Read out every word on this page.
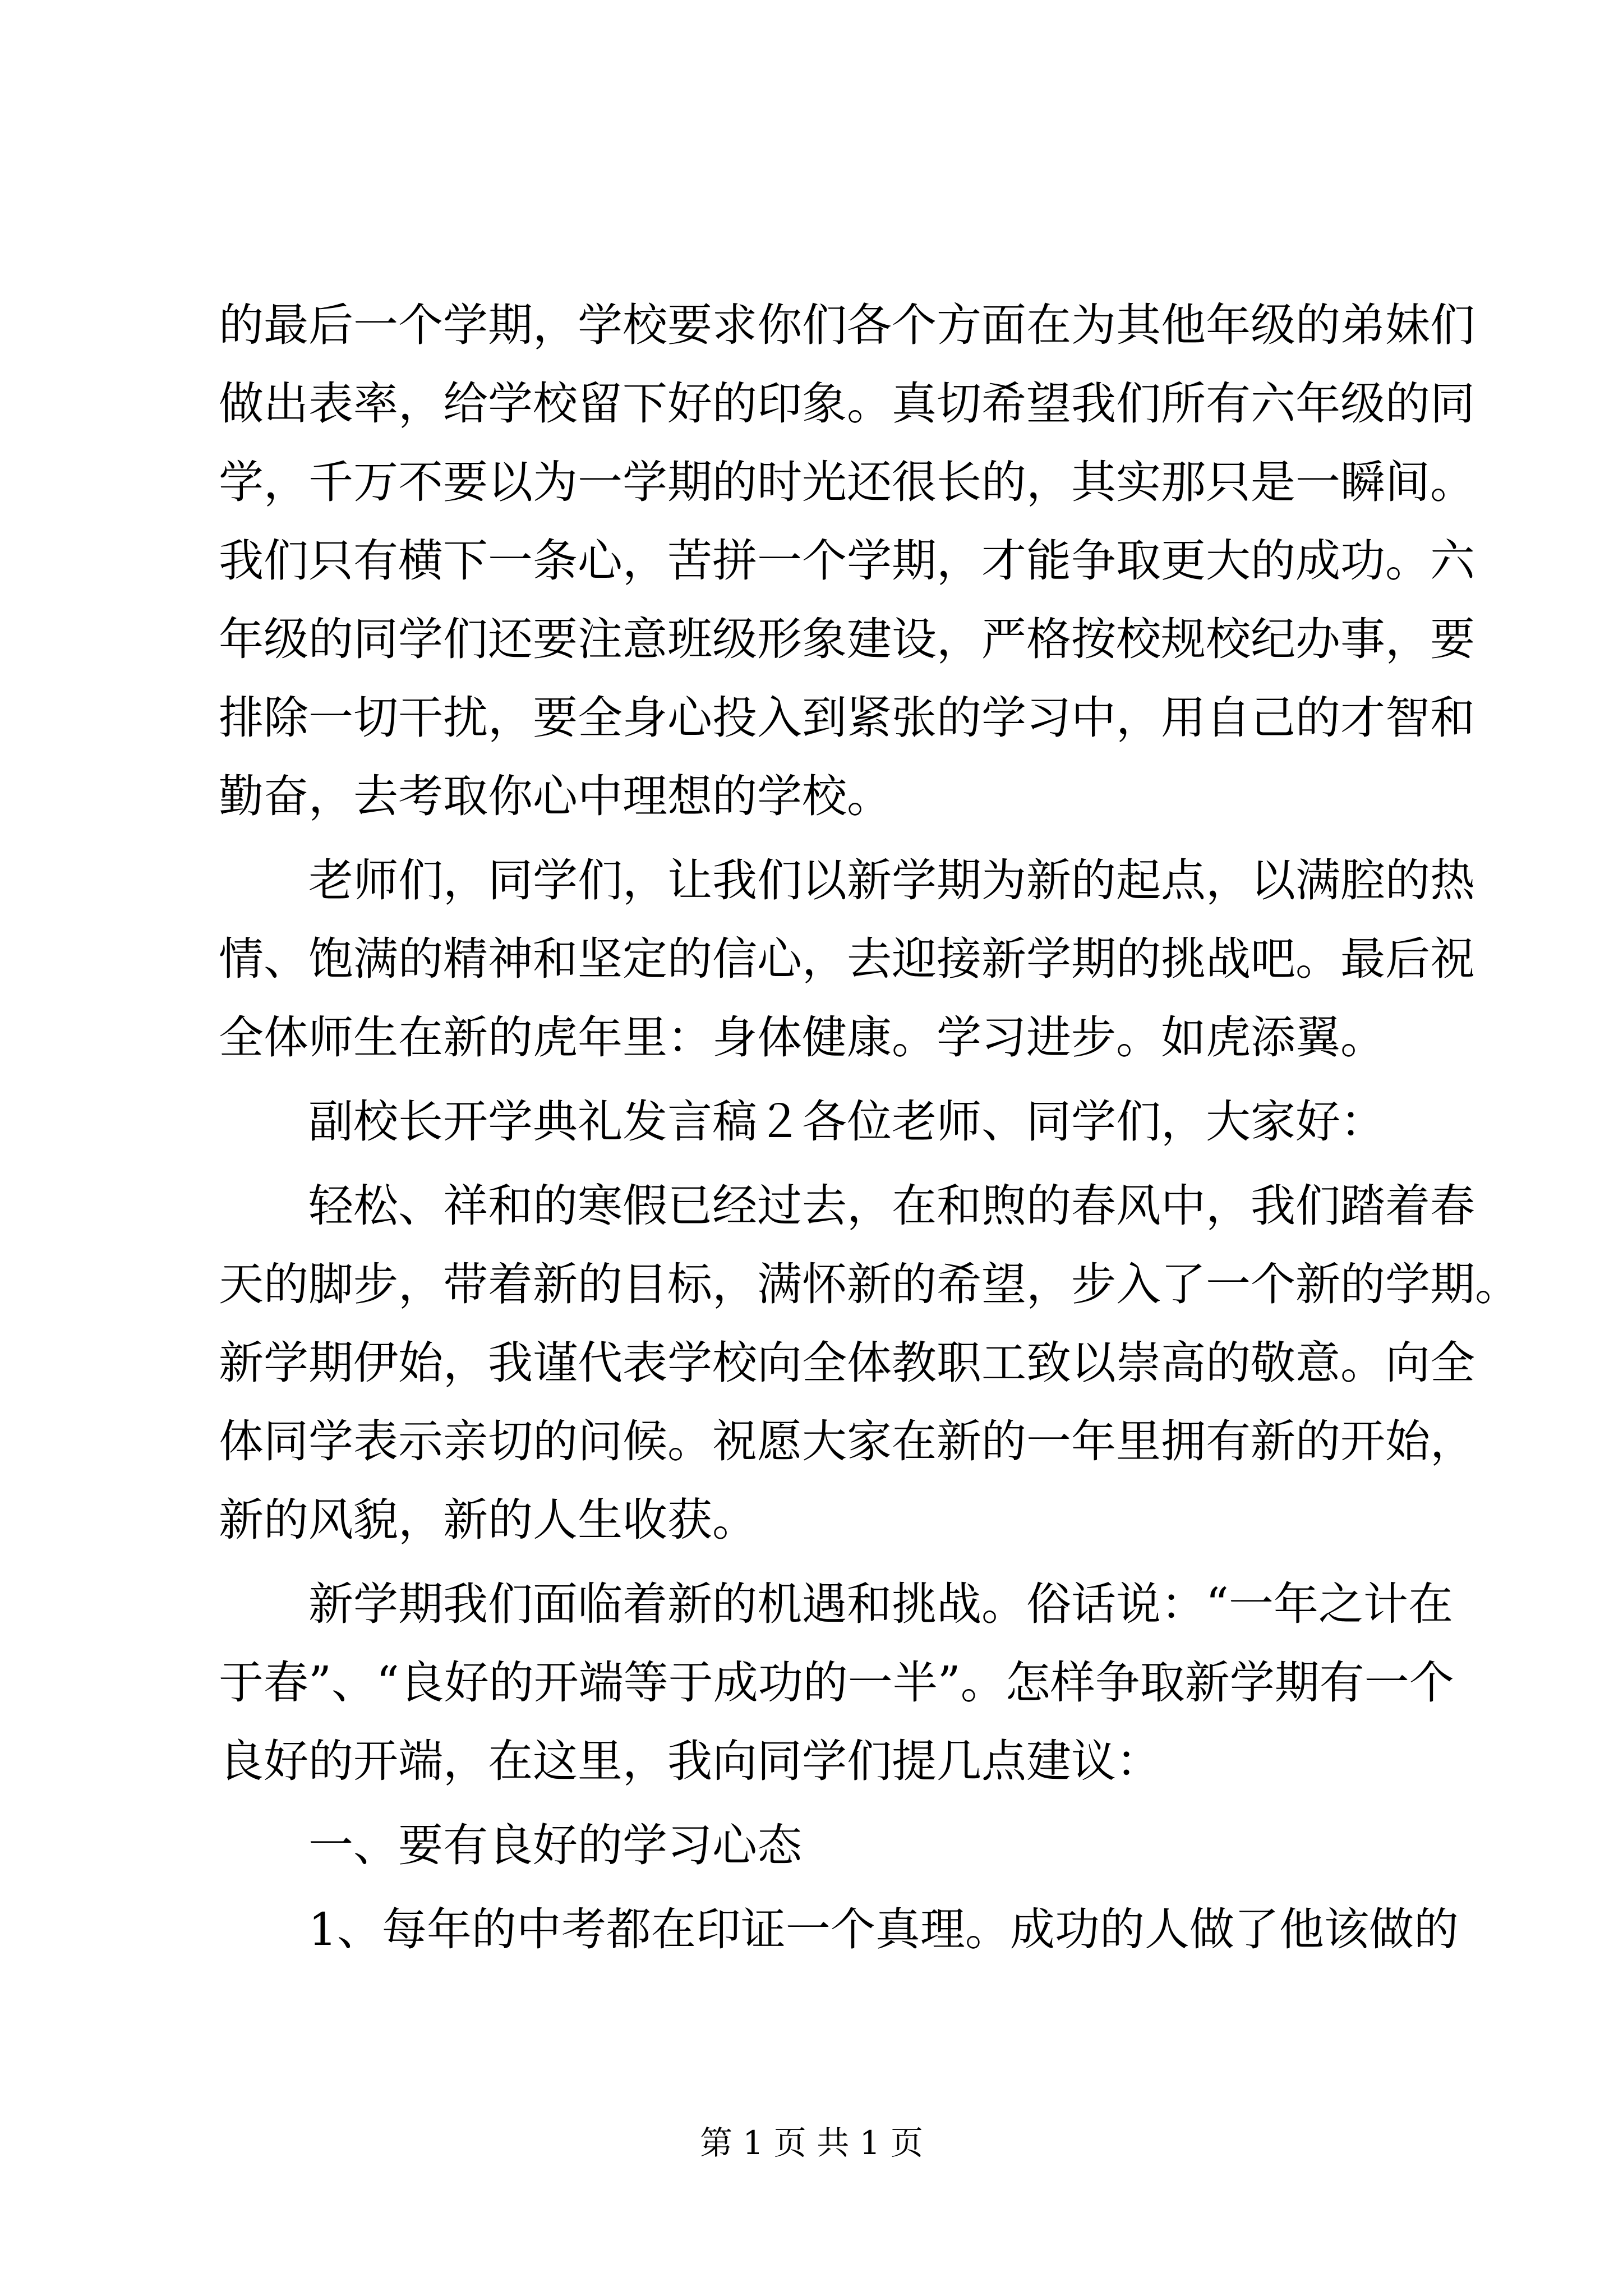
的最后一个学期，学校要求你们各个方面在为其他年级的弟妹们
做出表率，给学校留下好的印象。真切希望我们所有六年级的同
学，千万不要以为一学期的时光还很长的，其实那只是一瞬间。
我们只有横下一条心，苦拼一个学期，才能争取更大的成功。六
年级的同学们还要注意班级形象建设，严格按校规校纪办事，要
排除一切干扰，要全身心投入到紧张的学习中，用自己的才智和
勤奋，去考取你心中理想的学校。
老师们，同学们，让我们以新学期为新的起点，以满腔的热
情、饱满的精神和坚定的信心，去迎接新学期的挑战吧。最后祝
全体师生在新的虎年里：身体健康。学习进步。如虎添翼。
副校长开学典礼发言稿２各位老师、同学们，大家好：
轻松、祥和的寒假已经过去，在和煦的春风中，我们踏着春
天的脚步，带着新的目标，满怀新的希望，步入了一个新的学期。
新学期伊始，我谨代表学校向全体教职工致以崇高的敬意。向全
体同学表示亲切的问候。祝愿大家在新的一年里拥有新的开始，
新的风貌，新的人生收获。
新学期我们面临着新的机遇和挑战。俗话说：“一年之计在
于春”、“良好的开端等于成功的一半”。怎样争取新学期有一个
良好的开端，在这里，我向同学们提几点建议：
一、要有良好的学习心态
1、每年的中考都在印证一个真理。成功的人做了他该做的
第 1 页 共 1 页
